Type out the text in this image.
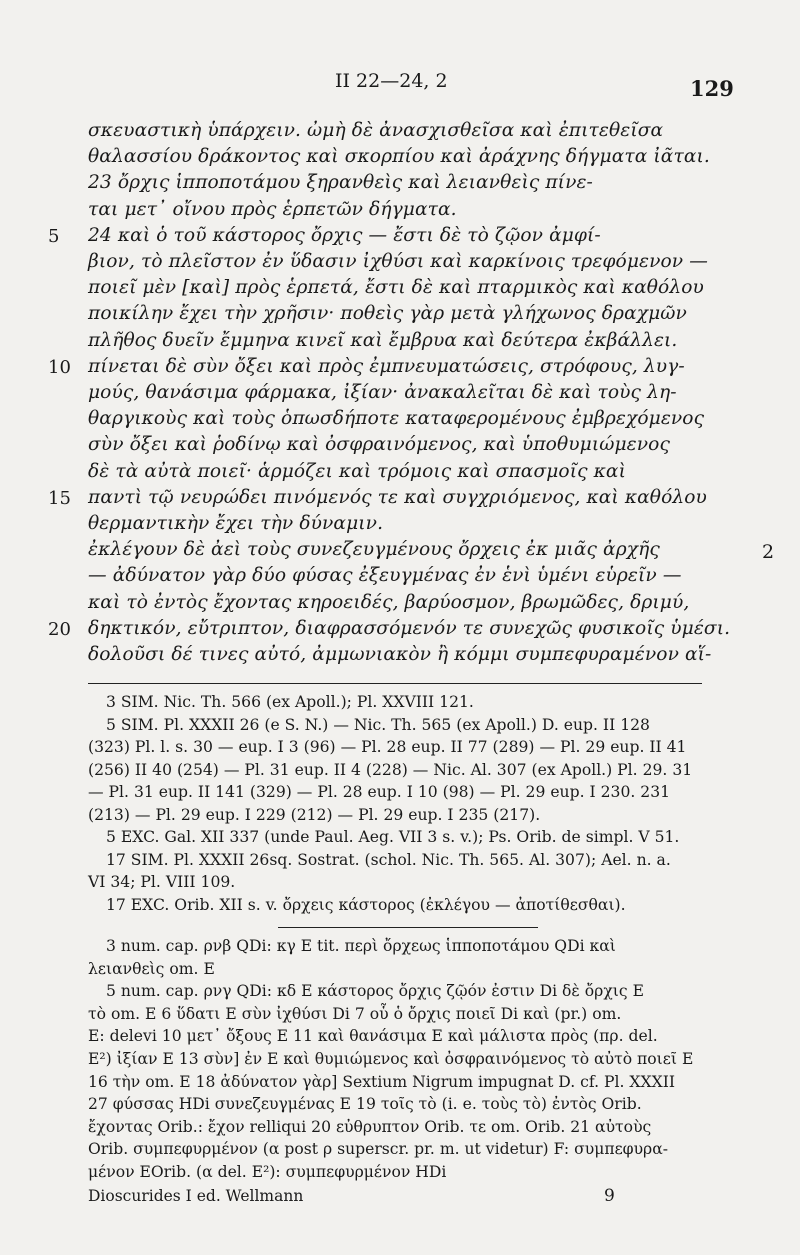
II 22—24, 2	129
σκευαστικὴ ὑπάρχειν. ὠμὴ δὲ ἀνασχισθεῖσα καὶ ἐπιτεθεῖσα
θαλασσίου δράκοντος καὶ σκορπίου καὶ ἀράχνης δήγματα ἰᾶται.
23 ὄρχις ἱπποποτάμου ξηρανθεὶς καὶ λειανθεὶς πίνε-
ται μετ᾽ οἴνου πρὸς ἑρπετῶν δήγματα.
24 καὶ ὁ τοῦ κάστορος ὄρχις — ἔστι δὲ τὸ ζῷον ἀμφί-
5
βιον, τὸ πλεῖστον ἐν ὕδασιν ἰχθύσι καὶ καρκίνοις τρεφόμενον —
ποιεῖ μὲν [καὶ] πρὸς ἑρπετά, ἔστι δὲ καὶ πταρμικὸς καὶ καθόλου
ποικίλην ἔχει τὴν χρῆσιν· ποθεὶς γὰρ μετὰ γλήχωνος δραχμῶν
πλῆθος δυεῖν ἔμμηνα κινεῖ καὶ ἔμβρυα καὶ δεύτερα ἐκβάλλει.
πίνεται δὲ σὺν ὄξει καὶ πρὸς ἐμπνευματώσεις, στρόφους, λυγ-
10
μούς, θανάσιμα φάρμακα, ἰξίαν· ἀνακαλεῖται δὲ καὶ τοὺς λη-
θαργικοὺς καὶ τοὺς ὁπωσδήποτε καταφερομένους ἐμβρεχόμενος
σὺν ὄξει καὶ ῥοδίνῳ καὶ ὀσφραινόμενος, καὶ ὑποθυμιώμενος
δὲ τὰ αὐτὰ ποιεῖ· ἁρμόζει καὶ τρόμοις καὶ σπασμοῖς καὶ
παντὶ τῷ νευρώδει πινόμενός τε καὶ συγχριόμενος, καὶ καθόλου
15
θερμαντικὴν ἔχει τὴν δύναμιν.
ἐκλέγουν δὲ ἀεὶ τοὺς συνεζευγμένους ὄρχεις ἐκ μιᾶς ἀρχῆς	2
— ἀδύνατον γὰρ δύο φύσας ἐξευγμένας ἐν ἑνὶ ὑμένι εὑρεῖν —
καὶ τὸ ἐντὸς ἔχοντας κηροειδές, βαρύοσμον, βρωμῶδες, δριμύ,
δηκτικόν, εὔτριπτον, διαφρασσόμενόν τε συνεχῶς φυσικοῖς ὑμέσι.
20
δολοῦσι δέ τινες αὐτό, ἀμμωνιακὸν ἢ κόμμι συμπεφυραμένον αἵ-
3 SIM. Nic. Th. 566 (ex Apoll.); Pl. XXVIII 121.
5 SIM. Pl. XXXII 26 (e S. N.) — Nic. Th. 565 (ex Apoll.) D. eup. II 128
(323) Pl. l. s. 30 — eup. I 3 (96) — Pl. 28 eup. II 77 (289) — Pl. 29 eup. II 41
(256) II 40 (254) — Pl. 31 eup. II 4 (228) — Nic. Al. 307 (ex Apoll.) Pl. 29. 31
— Pl. 31 eup. II 141 (329) — Pl. 28 eup. I 10 (98) — Pl. 29 eup. I 230. 231
(213) — Pl. 29 eup. I 229 (212) — Pl. 29 eup. I 235 (217).
5 EXC. Gal. XII 337 (unde Paul. Aeg. VII 3 s. v.); Ps. Orib. de simpl. V 51.
17 SIM. Pl. XXXII 26sq. Sostrat. (schol. Nic. Th. 565. Al. 307); Ael. n. a.
VI 34; Pl. VIII 109.
17 EXC. Orib. XII s. v. ὄρχεις κάστορος (ἐκλέγου — ἀποτίθεσθαι).
3 num. cap. ρνβ QDi: κγ E tit. περὶ ὄρχεως ἱπποποτάμου QDi καὶ
λειανθεὶς om. E
5 num. cap. ρνγ QDi: κδ E κάστορος ὄρχις ζῷόν ἐστιν Di δὲ ὄρχις E
τὸ om. E 6 ὕδατι E σὺν ἰχθύσι Di 7 οὗ ὁ ὄρχις ποιεῖ Di καὶ (pr.) om.
E: delevi 10 μετ᾽ ὄξους E 11 καὶ θανάσιμα E καὶ μάλιστα πρὸς (πρ. del.
E²) ἰξίαν E 13 σὺν] ἐν E καὶ θυμιώμενος καὶ ὀσφραινόμενος τὸ αὐτὸ ποιεῖ E
16 τὴν om. E 18 ἀδύνατον γὰρ] Sextium Nigrum impugnat D. cf. Pl. XXXII
27 φύσσας HDi συνεζευγμένας E 19 τοῖς τὸ (i. e. τοὺς τὸ) ἐντὸς Orib.
ἔχοντας Orib.: ἔχον relliqui 20 εὐθρυπτον Orib. τε om. Orib. 21 αὐτοὺς
Orib. συμπεφυρμένον (α post ρ superscr. pr. m. ut videtur) F: συμπεφυρα-
μένον EOrib. (α del. E²): συμπεφυρμένον HDi
Dioscurides I ed. Wellmann	9
